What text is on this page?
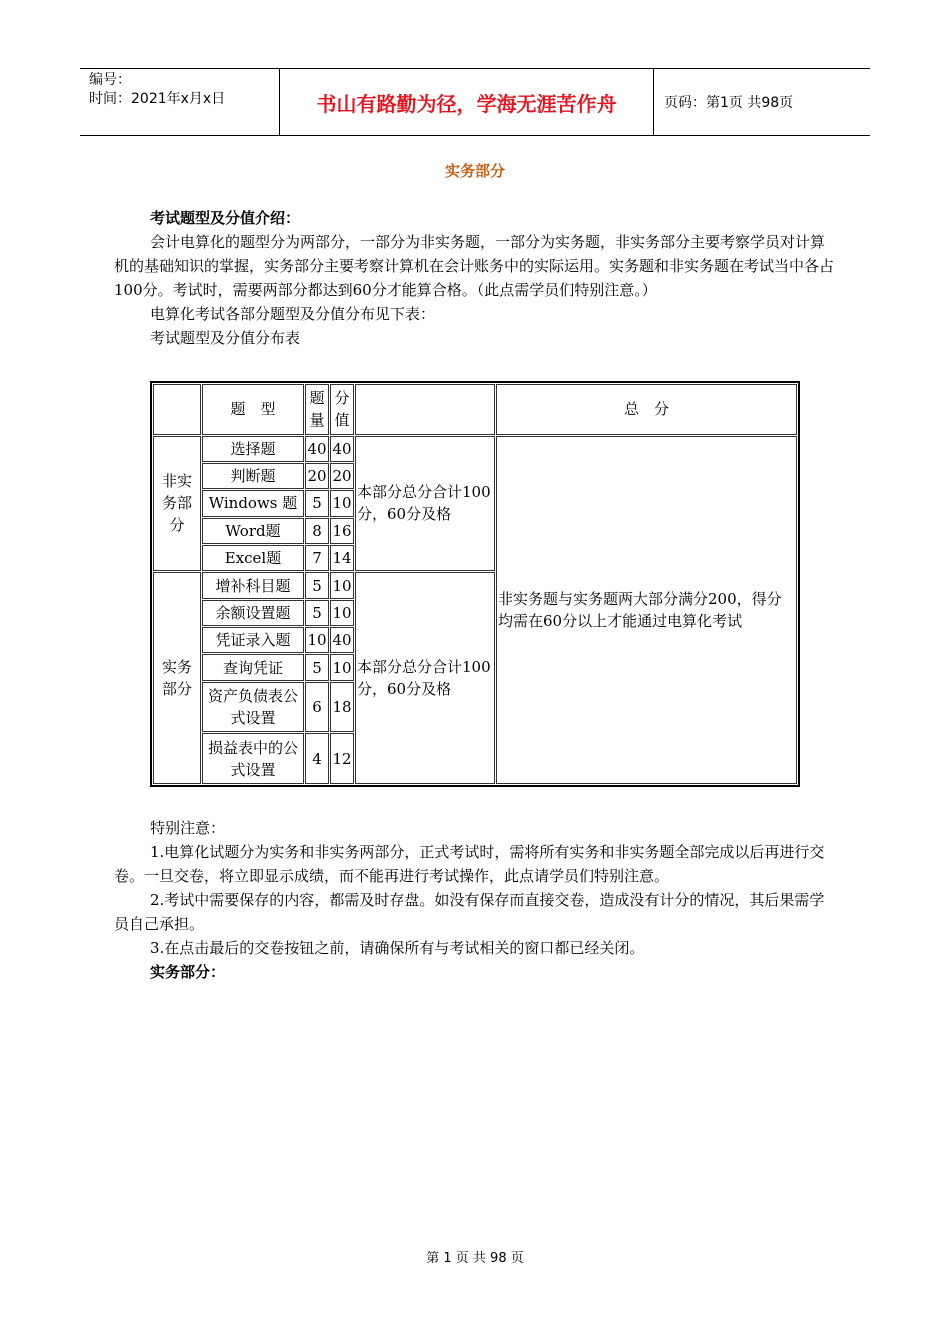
编号：
时间：2021年x月x日	书山有路勤为径，学海无涯苦作舟	页码：第1页 共98页
实务部分

考试题型及分值介绍：

会计电算化的题型分为两部分，一部分为非实务题，一部分为实务题，非实务部分主要考察学员对计算机的基础知识的掌握，实务部分主要考察计算机在会计账务中的实际运用。实务题和非实务题在考试当中各占100分。考试时，需要两部分都达到60分才能算合格。（此点需学员们特别注意。）

电算化考试各部分题型及分值分布见下表：

考试题型及分值分布表

	题　型	题量	分值		总　分
非实务部分	选择题	40	40	本部分总分合计100分，60分及格	非实务题与实务题两大部分满分200，得分均需在60分以上才能通过电算化考试
	判断题	20	20		
	Windows 题	5	10		
	Word题	8	16		
	Excel题	7	14		
实务部分	增补科目题	5	10	本部分总分合计100分，60分及格	
	余额设置题	5	10		
	凭证录入题	10	40		
	查询凭证	5	10		
	资产负债表公式设置	6	18		
	损益表中的公式设置	4	12		

特别注意：

1.电算化试题分为实务和非实务两部分，正式考试时，需将所有实务和非实务题全部完成以后再进行交卷。一旦交卷，将立即显示成绩，而不能再进行考试操作，此点请学员们特别注意。

2.考试中需要保存的内容，都需及时存盘。如没有保存而直接交卷，造成没有计分的情况，其后果需学员自己承担。

3.在点击最后的交卷按钮之前，请确保所有与考试相关的窗口都已经关闭。

实务部分：

第 1 页 共 98 页
